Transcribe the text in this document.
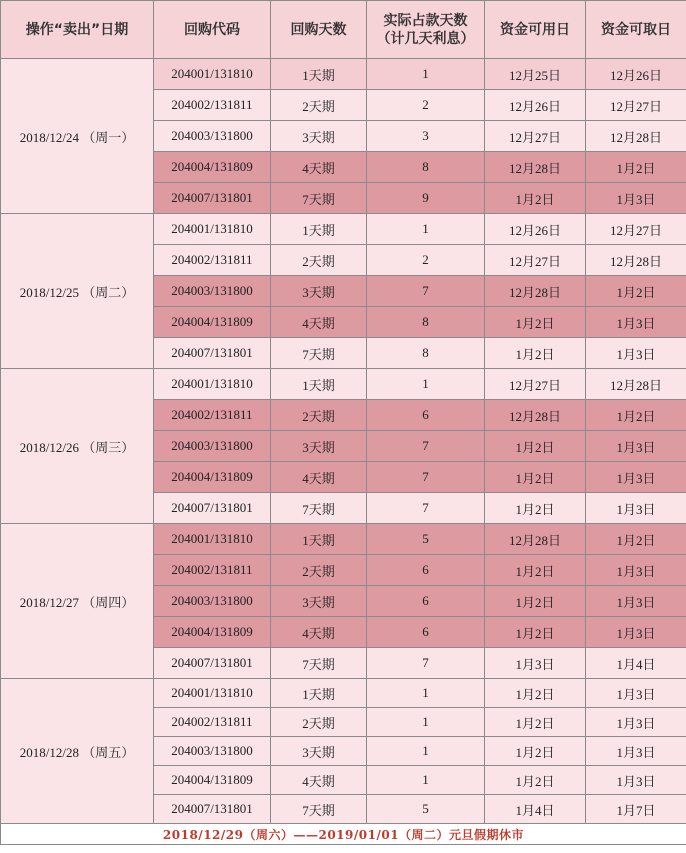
操作“卖出”日期	回购代码	回购天数	实际占款天数
（计几天利息）	资金可用日	资金可取日
2018/12/24 （周一）	204001/131810	1天期	1	12月25日	12月26日
	204002/131811	2天期	2	12月26日	12月27日
	204003/131800	3天期	3	12月27日	12月28日
	204004/131809	4天期	8	12月28日	1月2日
	204007/131801	7天期	9	1月2日	1月3日
2018/12/25 （周二）	204001/131810	1天期	1	12月26日	12月27日
	204002/131811	2天期	2	12月27日	12月28日
	204003/131800	3天期	7	12月28日	1月2日
	204004/131809	4天期	8	1月2日	1月3日
	204007/131801	7天期	8	1月2日	1月3日
2018/12/26 （周三）	204001/131810	1天期	1	12月27日	12月28日
	204002/131811	2天期	6	12月28日	1月2日
	204003/131800	3天期	7	1月2日	1月3日
	204004/131809	4天期	7	1月2日	1月3日
	204007/131801	7天期	7	1月2日	1月3日
2018/12/27 （周四）	204001/131810	1天期	5	12月28日	1月2日
	204002/131811	2天期	6	1月2日	1月3日
	204003/131800	3天期	6	1月2日	1月3日
	204004/131809	4天期	6	1月2日	1月3日
	204007/131801	7天期	7	1月3日	1月4日
2018/12/28 （周五）	204001/131810	1天期	1	1月2日	1月3日
	204002/131811	2天期	1	1月2日	1月3日
	204003/131800	3天期	1	1月2日	1月3日
	204004/131809	4天期	1	1月2日	1月3日
	204007/131801	7天期	5	1月4日	1月7日
2018/12/29（周六）——2019/01/01（周二）元旦假期休市					
